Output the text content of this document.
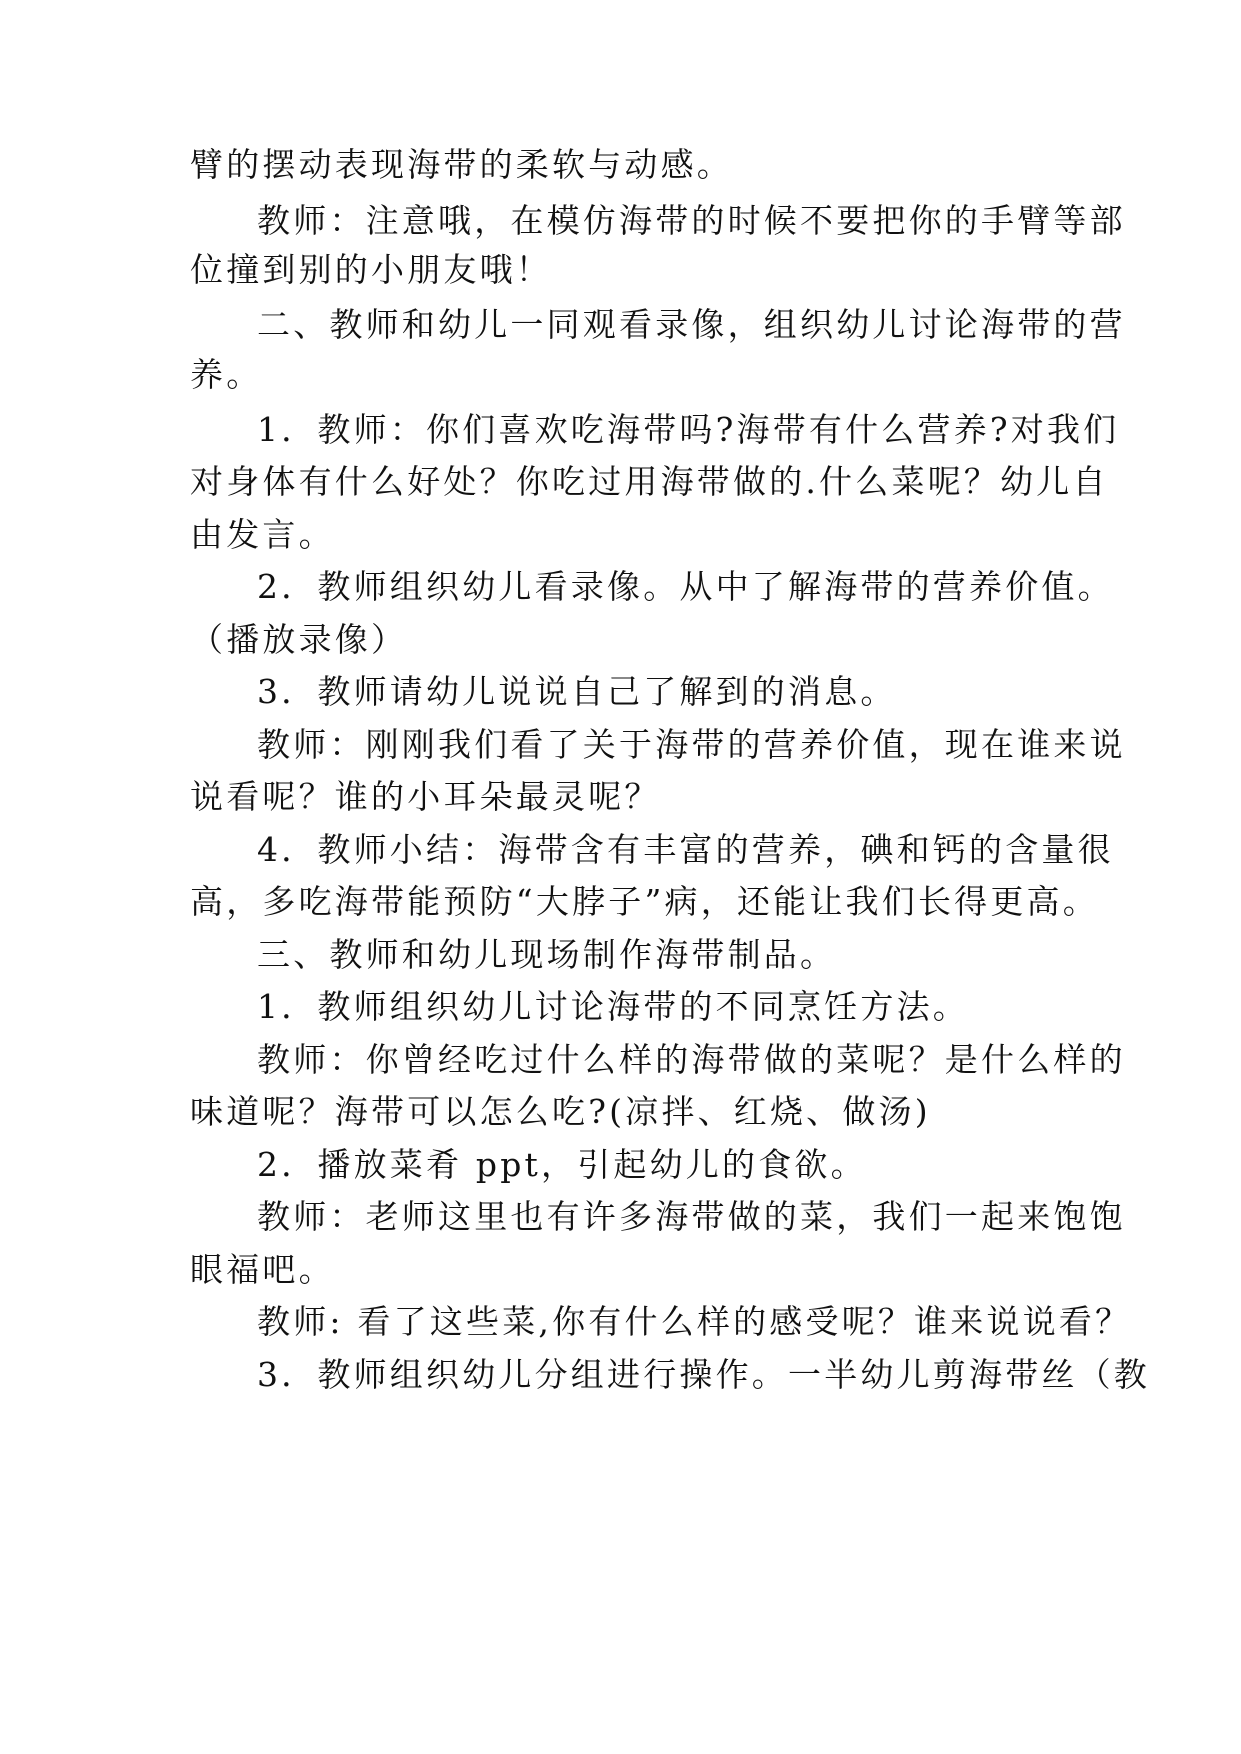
臂的摆动表现海带的柔软与动感。
教师：注意哦，在模仿海带的时候不要把你的手臂等部
位撞到别的小朋友哦！
二、教师和幼儿一同观看录像，组织幼儿讨论海带的营
养。
1．教师：你们喜欢吃海带吗?海带有什么营养?对我们
对身体有什么好处？你吃过用海带做的.什么菜呢？幼儿自
由发言。
2．教师组织幼儿看录像。从中了解海带的营养价值。
（播放录像）
3．教师请幼儿说说自己了解到的消息。
教师：刚刚我们看了关于海带的营养价值，现在谁来说
说看呢？谁的小耳朵最灵呢？
4．教师小结：海带含有丰富的营养，碘和钙的含量很
高，多吃海带能预防“大脖子”病，还能让我们长得更高。
三、教师和幼儿现场制作海带制品。
1．教师组织幼儿讨论海带的不同烹饪方法。
教师：你曾经吃过什么样的海带做的菜呢？是什么样的
味道呢？海带可以怎么吃?(凉拌、红烧、做汤)
2．播放菜肴 ppt，引起幼儿的食欲。
教师：老师这里也有许多海带做的菜，我们一起来饱饱
眼福吧。
教师: 看了这些菜,你有什么样的感受呢？谁来说说看？
3．教师组织幼儿分组进行操作。一半幼儿剪海带丝（教
